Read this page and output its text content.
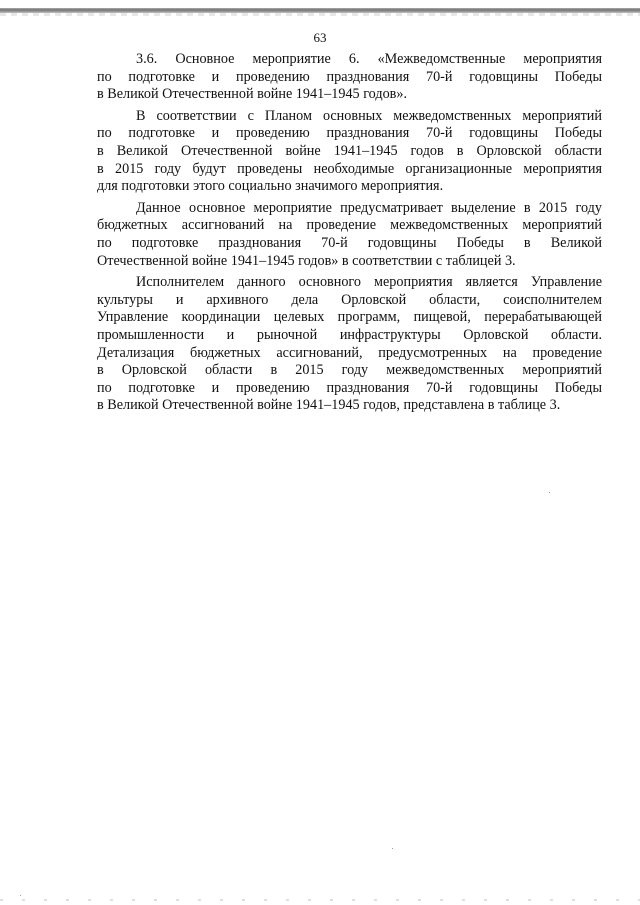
63

3.6. Основное мероприятие 6. «Межведомственные мероприятия
по подготовке и проведению празднования 70-й годовщины Победы
в Великой Отечественной войне 1941–1945 годов».

В соответствии с Планом основных межведомственных мероприятий
по подготовке и проведению празднования 70-й годовщины Победы
в Великой Отечественной войне 1941–1945 годов в Орловской области
в 2015 году будут проведены необходимые организационные мероприятия
для подготовки этого социально значимого мероприятия.

Данное основное мероприятие предусматривает выделение в 2015 году
бюджетных ассигнований на проведение межведомственных мероприятий
по подготовке празднования 70-й годовщины Победы в Великой
Отечественной войне 1941–1945 годов» в соответствии с таблицей 3.

Исполнителем данного основного мероприятия является Управление
культуры и архивного дела Орловской области, соисполнителем
Управление координации целевых программ, пищевой, перерабатывающей
промышленности и рыночной инфраструктуры Орловской области.
Детализация бюджетных ассигнований, предусмотренных на проведение
в Орловской области в 2015 году межведомственных мероприятий
по подготовке и проведению празднования 70-й годовщины Победы
в Великой Отечественной войне 1941–1945 годов, представлена в таблице 3.
